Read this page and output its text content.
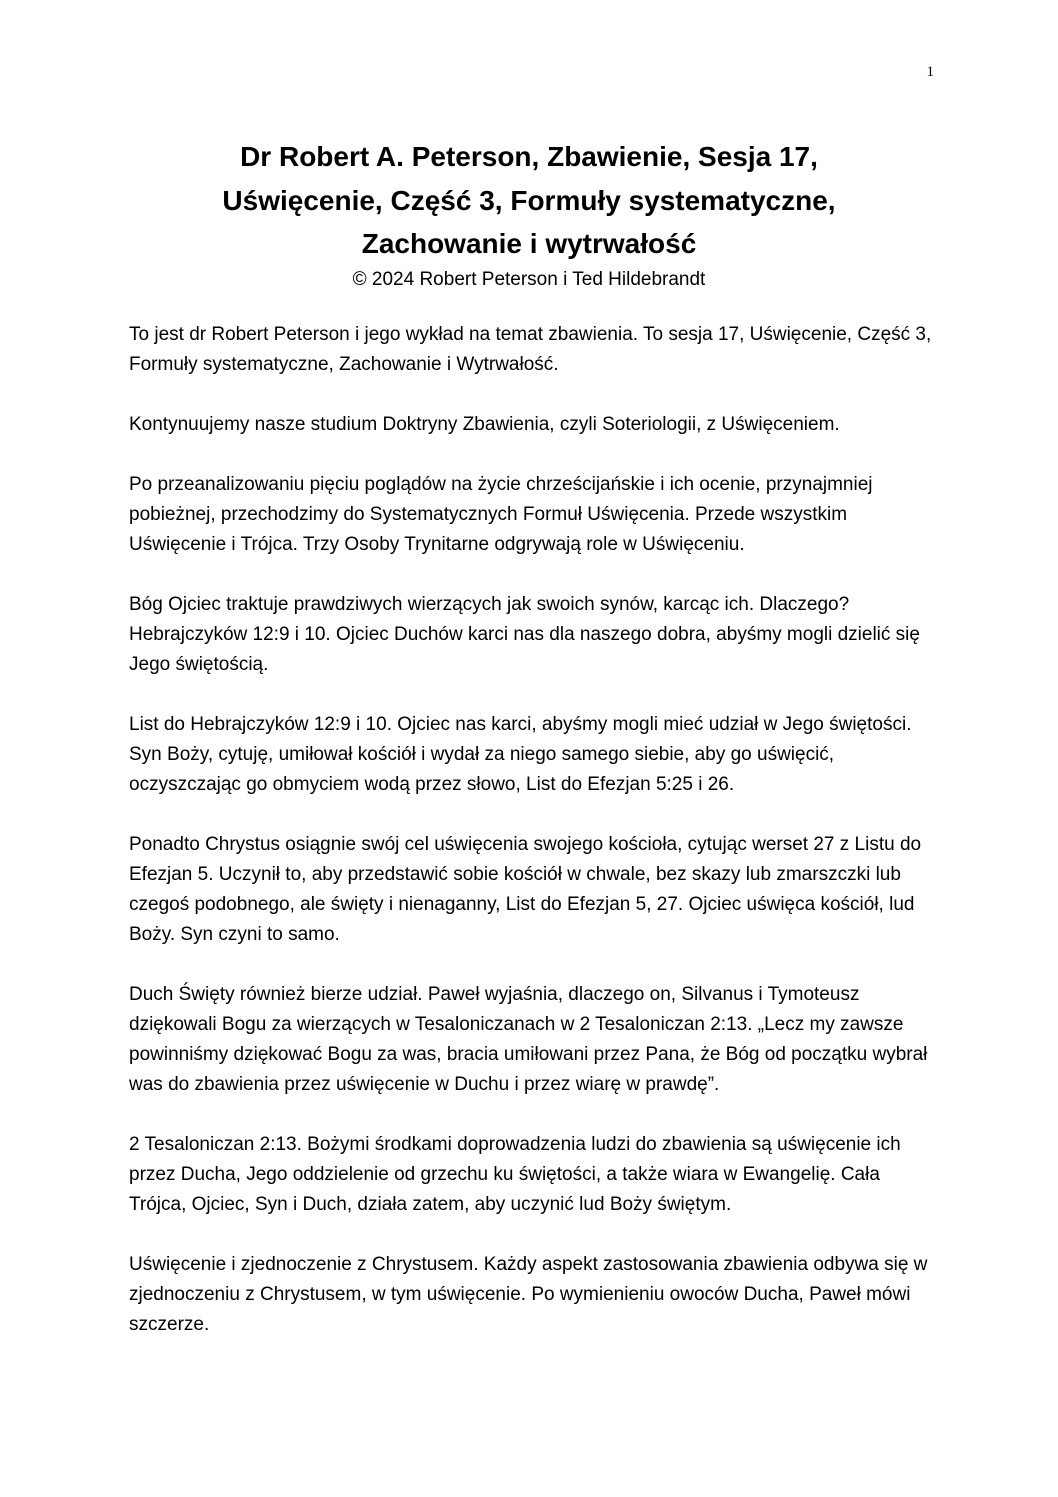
1
Dr Robert A. Peterson, Zbawienie, Sesja 17,
Uświęcenie, Część 3, Formuły systematyczne,
Zachowanie i wytrwałość
© 2024 Robert Peterson i Ted Hildebrandt

To jest dr Robert Peterson i jego wykład na temat zbawienia. To sesja 17, Uświęcenie, Część 3, Formuły systematyczne, Zachowanie i Wytrwałość.

Kontynuujemy nasze studium Doktryny Zbawienia, czyli Soteriologii, z Uświęceniem.

Po przeanalizowaniu pięciu poglądów na życie chrześcijańskie i ich ocenie, przynajmniej pobieżnej, przechodzimy do Systematycznych Formuł Uświęcenia. Przede wszystkim Uświęcenie i Trójca. Trzy Osoby Trynitarne odgrywają role w Uświęceniu.

Bóg Ojciec traktuje prawdziwych wierzących jak swoich synów, karcąc ich. Dlaczego? Hebrajczyków 12:9 i 10. Ojciec Duchów karci nas dla naszego dobra, abyśmy mogli dzielić się Jego świętością.

List do Hebrajczyków 12:9 i 10. Ojciec nas karci, abyśmy mogli mieć udział w Jego świętości. Syn Boży, cytuję, umiłował kościół i wydał za niego samego siebie, aby go uświęcić, oczyszczając go obmyciem wodą przez słowo, List do Efezjan 5:25 i 26.

Ponadto Chrystus osiągnie swój cel uświęcenia swojego kościoła, cytując werset 27 z Listu do Efezjan 5. Uczynił to, aby przedstawić sobie kościół w chwale, bez skazy lub zmarszczki lub czegoś podobnego, ale święty i nienaganny, List do Efezjan 5, 27. Ojciec uświęca kościół, lud Boży. Syn czyni to samo.

Duch Święty również bierze udział. Paweł wyjaśnia, dlaczego on, Silvanus i Tymoteusz dziękowali Bogu za wierzących w Tesaloniczanach w 2 Tesaloniczan 2:13. „Lecz my zawsze powinniśmy dziękować Bogu za was, bracia umiłowani przez Pana, że Bóg od początku wybrał was do zbawienia przez uświęcenie w Duchu i przez wiarę w prawdę”.

2 Tesaloniczan 2:13. Bożymi środkami doprowadzenia ludzi do zbawienia są uświęcenie ich przez Ducha, Jego oddzielenie od grzechu ku świętości, a także wiara w Ewangelię. Cała Trójca, Ojciec, Syn i Duch, działa zatem, aby uczynić lud Boży świętym.

Uświęcenie i zjednoczenie z Chrystusem. Każdy aspekt zastosowania zbawienia odbywa się w zjednoczeniu z Chrystusem, w tym uświęcenie. Po wymienieniu owoców Ducha, Paweł mówi szczerze.
